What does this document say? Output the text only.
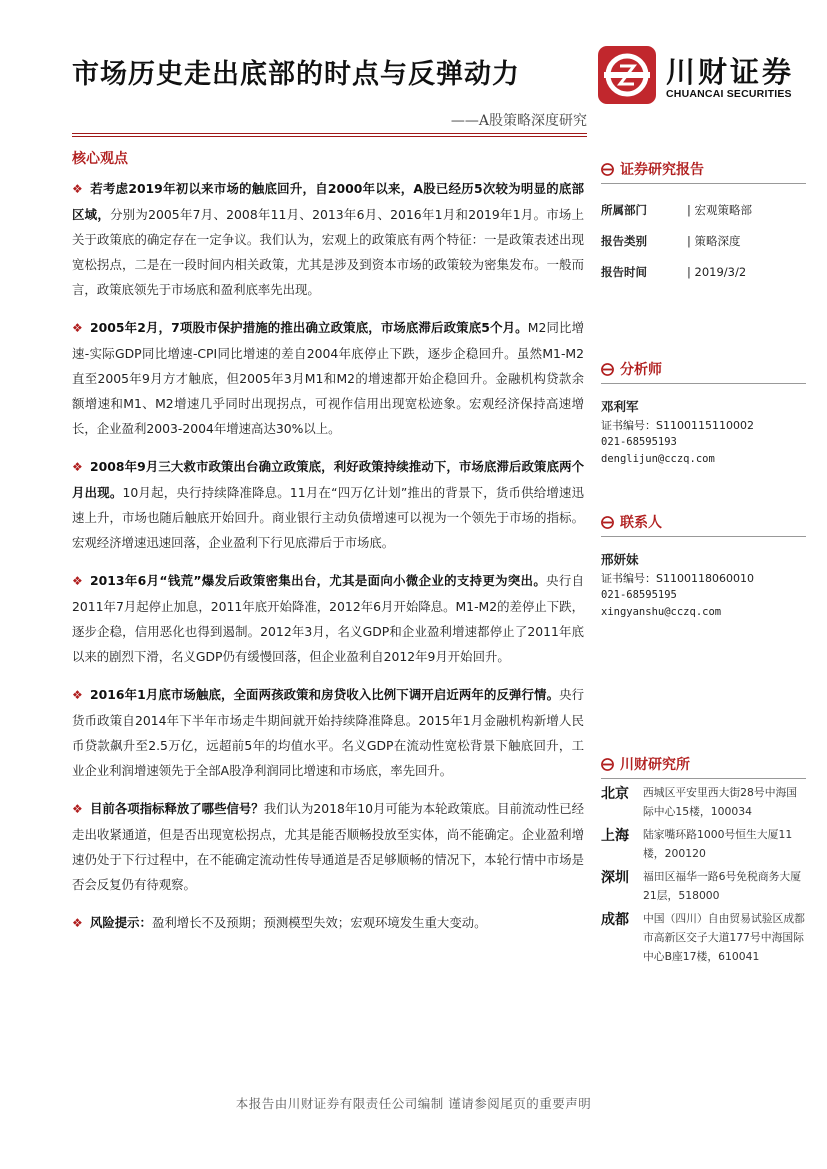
市场历史走出底部的时点与反弹动力
——A股策略深度研究
川财证券
CHUANCAI SECURITIES
核心观点
❖ 若考虑2019年初以来市场的触底回升，自2000年以来，A股已经历5次较为明显的底部区域，分别为2005年7月、2008年11月、2013年6月、2016年1月和2019年1月。市场上关于政策底的确定存在一定争议。我们认为，宏观上的政策底有两个特征：一是政策表述出现宽松拐点，二是在一段时间内相关政策，尤其是涉及到资本市场的政策较为密集发布。一般而言，政策底领先于市场底和盈利底率先出现。
❖ 2005年2月，7项股市保护措施的推出确立政策底，市场底滞后政策底5个月。M2同比增速-实际GDP同比增速-CPI同比增速的差自2004年底停止下跌，逐步企稳回升。虽然M1-M2直至2005年9月方才触底，但2005年3月M1和M2的增速都开始企稳回升。金融机构贷款余额增速和M1、M2增速几乎同时出现拐点，可视作信用出现宽松迹象。宏观经济保持高速增长，企业盈利2003-2004年增速高达30%以上。
❖ 2008年9月三大救市政策出台确立政策底，利好政策持续推动下，市场底滞后政策底两个月出现。10月起，央行持续降准降息。11月在“四万亿计划”推出的背景下，货币供给增速迅速上升，市场也随后触底开始回升。商业银行主动负债增速可以视为一个领先于市场的指标。宏观经济增速迅速回落，企业盈利下行见底滞后于市场底。
❖ 2013年6月“钱荒”爆发后政策密集出台，尤其是面向小微企业的支持更为突出。央行自2011年7月起停止加息，2011年底开始降准，2012年6月开始降息。M1-M2的差停止下跌，逐步企稳，信用恶化也得到遏制。2012年3月，名义GDP和企业盈利增速都停止了2011年底以来的剧烈下滑，名义GDP仍有缓慢回落，但企业盈利自2012年9月开始回升。
❖ 2016年1月底市场触底，全面两孩政策和房贷收入比例下调开启近两年的反弹行情。央行货币政策自2014年下半年市场走牛期间就开始持续降准降息。2015年1月金融机构新增人民币贷款飙升至2.5万亿，远超前5年的均值水平。名义GDP在流动性宽松背景下触底回升，工业企业利润增速领先于全部A股净利润同比增速和市场底，率先回升。
❖ 目前各项指标释放了哪些信号？我们认为2018年10月可能为本轮政策底。目前流动性已经走出收紧通道，但是否出现宽松拐点，尤其是能否顺畅投放至实体，尚不能确定。企业盈利增速仍处于下行过程中，在不能确定流动性传导通道是否足够顺畅的情况下，本轮行情中市场是否会反复仍有待观察。
❖ 风险提示：盈利增长不及预期；预测模型失效；宏观环境发生重大变动。
证券研究报告
所属部门	| 宏观策略部
报告类别	| 策略深度
报告时间	| 2019/3/2
分析师
邓利军
证书编号：S1100115110002
021-68595193
denglijun@cczq.com
联系人
邢妍妹
证书编号：S1100118060010
021-68595195
xingyanshu@cczq.com
川财研究所
北京	西城区平安里西大街28号中海国际中心15楼，100034
上海	陆家嘴环路1000号恒生大厦11楼，200120
深圳	福田区福华一路6号免税商务大厦21层，518000
成都	中国（四川）自由贸易试验区成都市高新区交子大道177号中海国际中心B座17楼，610041
本报告由川财证券有限责任公司编制 谨请参阅尾页的重要声明
